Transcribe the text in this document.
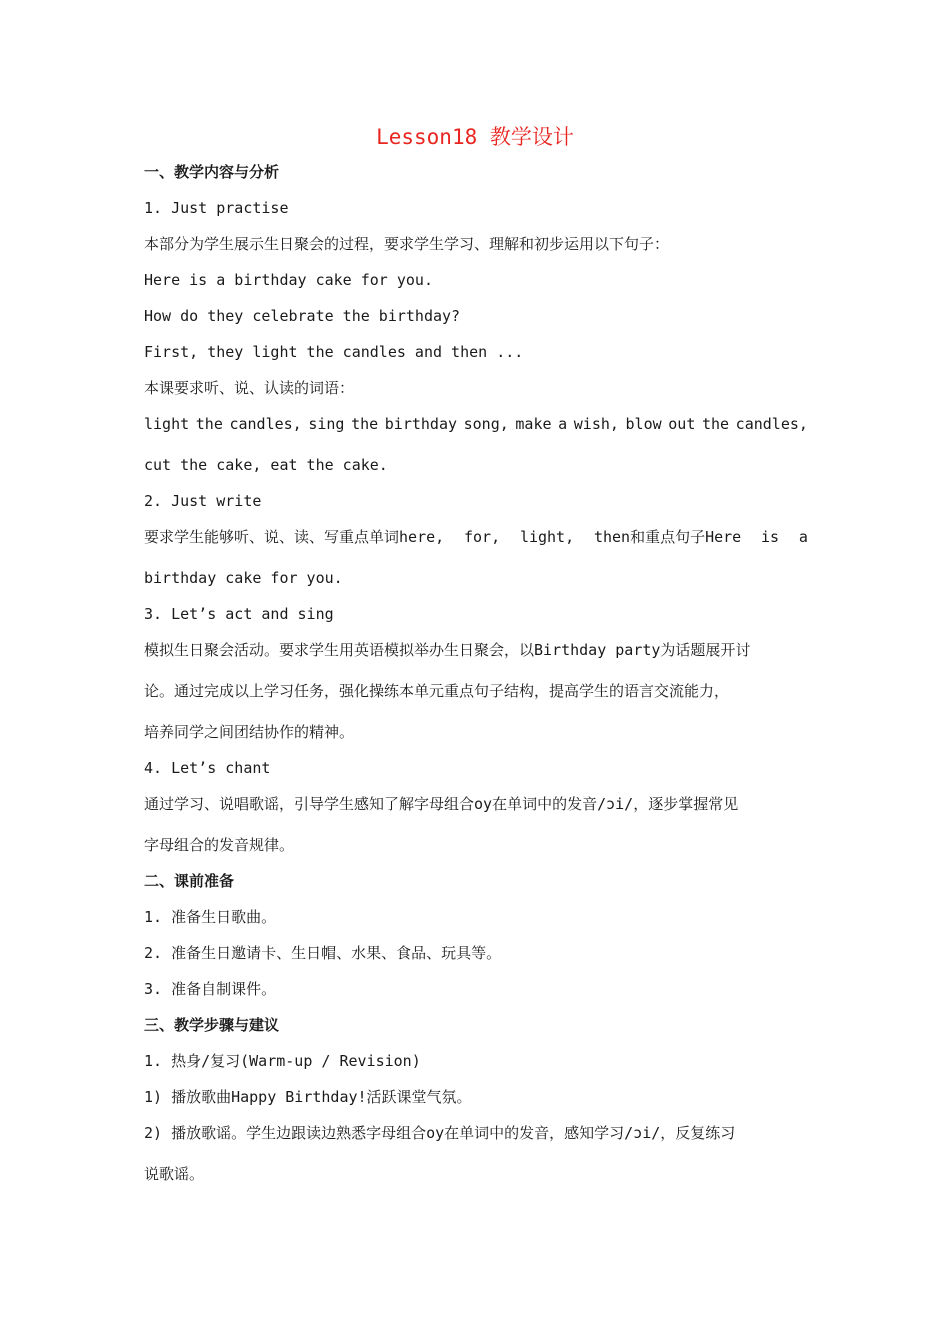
Lesson18 教学设计
一、教学内容与分析
1. Just practise
本部分为学生展示生日聚会的过程，要求学生学习、理解和初步运用以下句子：
Here is a birthday cake for you.
How do they celebrate the birthday?
First, they light the candles and then ...
本课要求听、说、认读的词语：
light the candles, sing the birthday song, make a wish, blow out the candles,
cut the cake, eat the cake.
2. Just write
要求学生能够听、说、读、写重点单词here, for, light, then和重点句子Here is a
birthday cake for you.
3. Let’s act and sing
模拟生日聚会活动。要求学生用英语模拟举办生日聚会，以Birthday party为话题展开讨
论。通过完成以上学习任务，强化操练本单元重点句子结构，提高学生的语言交流能力，
培养同学之间团结协作的精神。
4. Let’s chant
通过学习、说唱歌谣，引导学生感知了解字母组合oy在单词中的发音/ɔi/，逐步掌握常见
字母组合的发音规律。
二、课前准备
1. 准备生日歌曲。
2. 准备生日邀请卡、生日帽、水果、食品、玩具等。
3. 准备自制课件。
三、教学步骤与建议
1. 热身/复习(Warm-up / Revision)
1) 播放歌曲Happy Birthday!活跃课堂气氛。
2) 播放歌谣。学生边跟读边熟悉字母组合oy在单词中的发音，感知学习/ɔi/，反复练习
说歌谣。
